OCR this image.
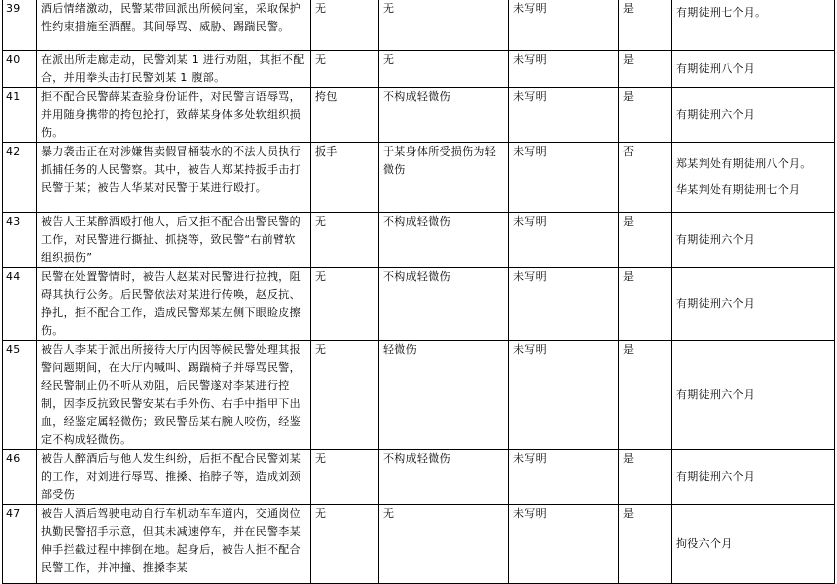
39	酒后情绪激动，民警某带回派出所候问室，采取保护性约束措施至酒醒。其间辱骂、威胁、踢踹民警。	无	无	未写明	是	有期徒刑七个月。

40	在派出所走廊走动，民警刘某 1 进行劝阻，其拒不配合，并用拳头击打民警刘某 1 腹部。	无	无	未写明	是	有期徒刑八个月

41	拒不配合民警薛某查验身份证件，对民警言语辱骂，并用随身携带的挎包抡打，致薛某身体多处软组织损伤。	挎包	不构成轻微伤	未写明	是	有期徒刑六个月

42	暴力袭击正在对涉嫌售卖假冒桶装水的不法人员执行抓捕任务的人民警察。其中，被告人郑某持扳手击打民警于某；被告人华某对民警于某进行殴打。	扳手	于某身体所受损伤为轻微伤	未写明	否	郑某判处有期徒刑八个月。
华某判处有期徒刑七个月

43	被告人王某醉酒殴打他人，后又拒不配合出警民警的工作，对民警进行撕扯、抓挠等，致民警“右前臂软组织损伤”	无	不构成轻微伤	未写明	是	有期徒刑六个月

44	民警在处置警情时，被告人赵某对民警进行拉拽，阻碍其执行公务。后民警依法对某进行传唤，赵反抗、挣扎，拒不配合工作，造成民警郑某左侧下眼睑皮擦伤。	无	不构成轻微伤	未写明	是	有期徒刑六个月

45	被告人李某于派出所接待大厅内因等候民警处理其报警问题期间，在大厅内喊叫、踢踹椅子并辱骂民警，经民警制止仍不听从劝阻，后民警遂对李某进行控制，因李反抗致民警安某右手外伤、右手中指甲下出血，经鉴定属轻微伤；致民警岳某右腕人咬伤，经鉴定不构成轻微伤。	无	轻微伤	未写明	是	有期徒刑六个月

46	被告人醉酒后与他人发生纠纷，后拒不配合民警刘某的工作，对刘进行辱骂、推搡、掐脖子等，造成刘颈部受伤	无	不构成轻微伤	未写明	是	有期徒刑六个月

47	被告人酒后驾驶电动自行车机动车车道内，交通岗位执勤民警招手示意，但其未减速停车，并在民警李某伸手拦截过程中摔倒在地。起身后，被告人拒不配合民警工作，并冲撞、推搡李某	无	无	未写明	是	拘役六个月
